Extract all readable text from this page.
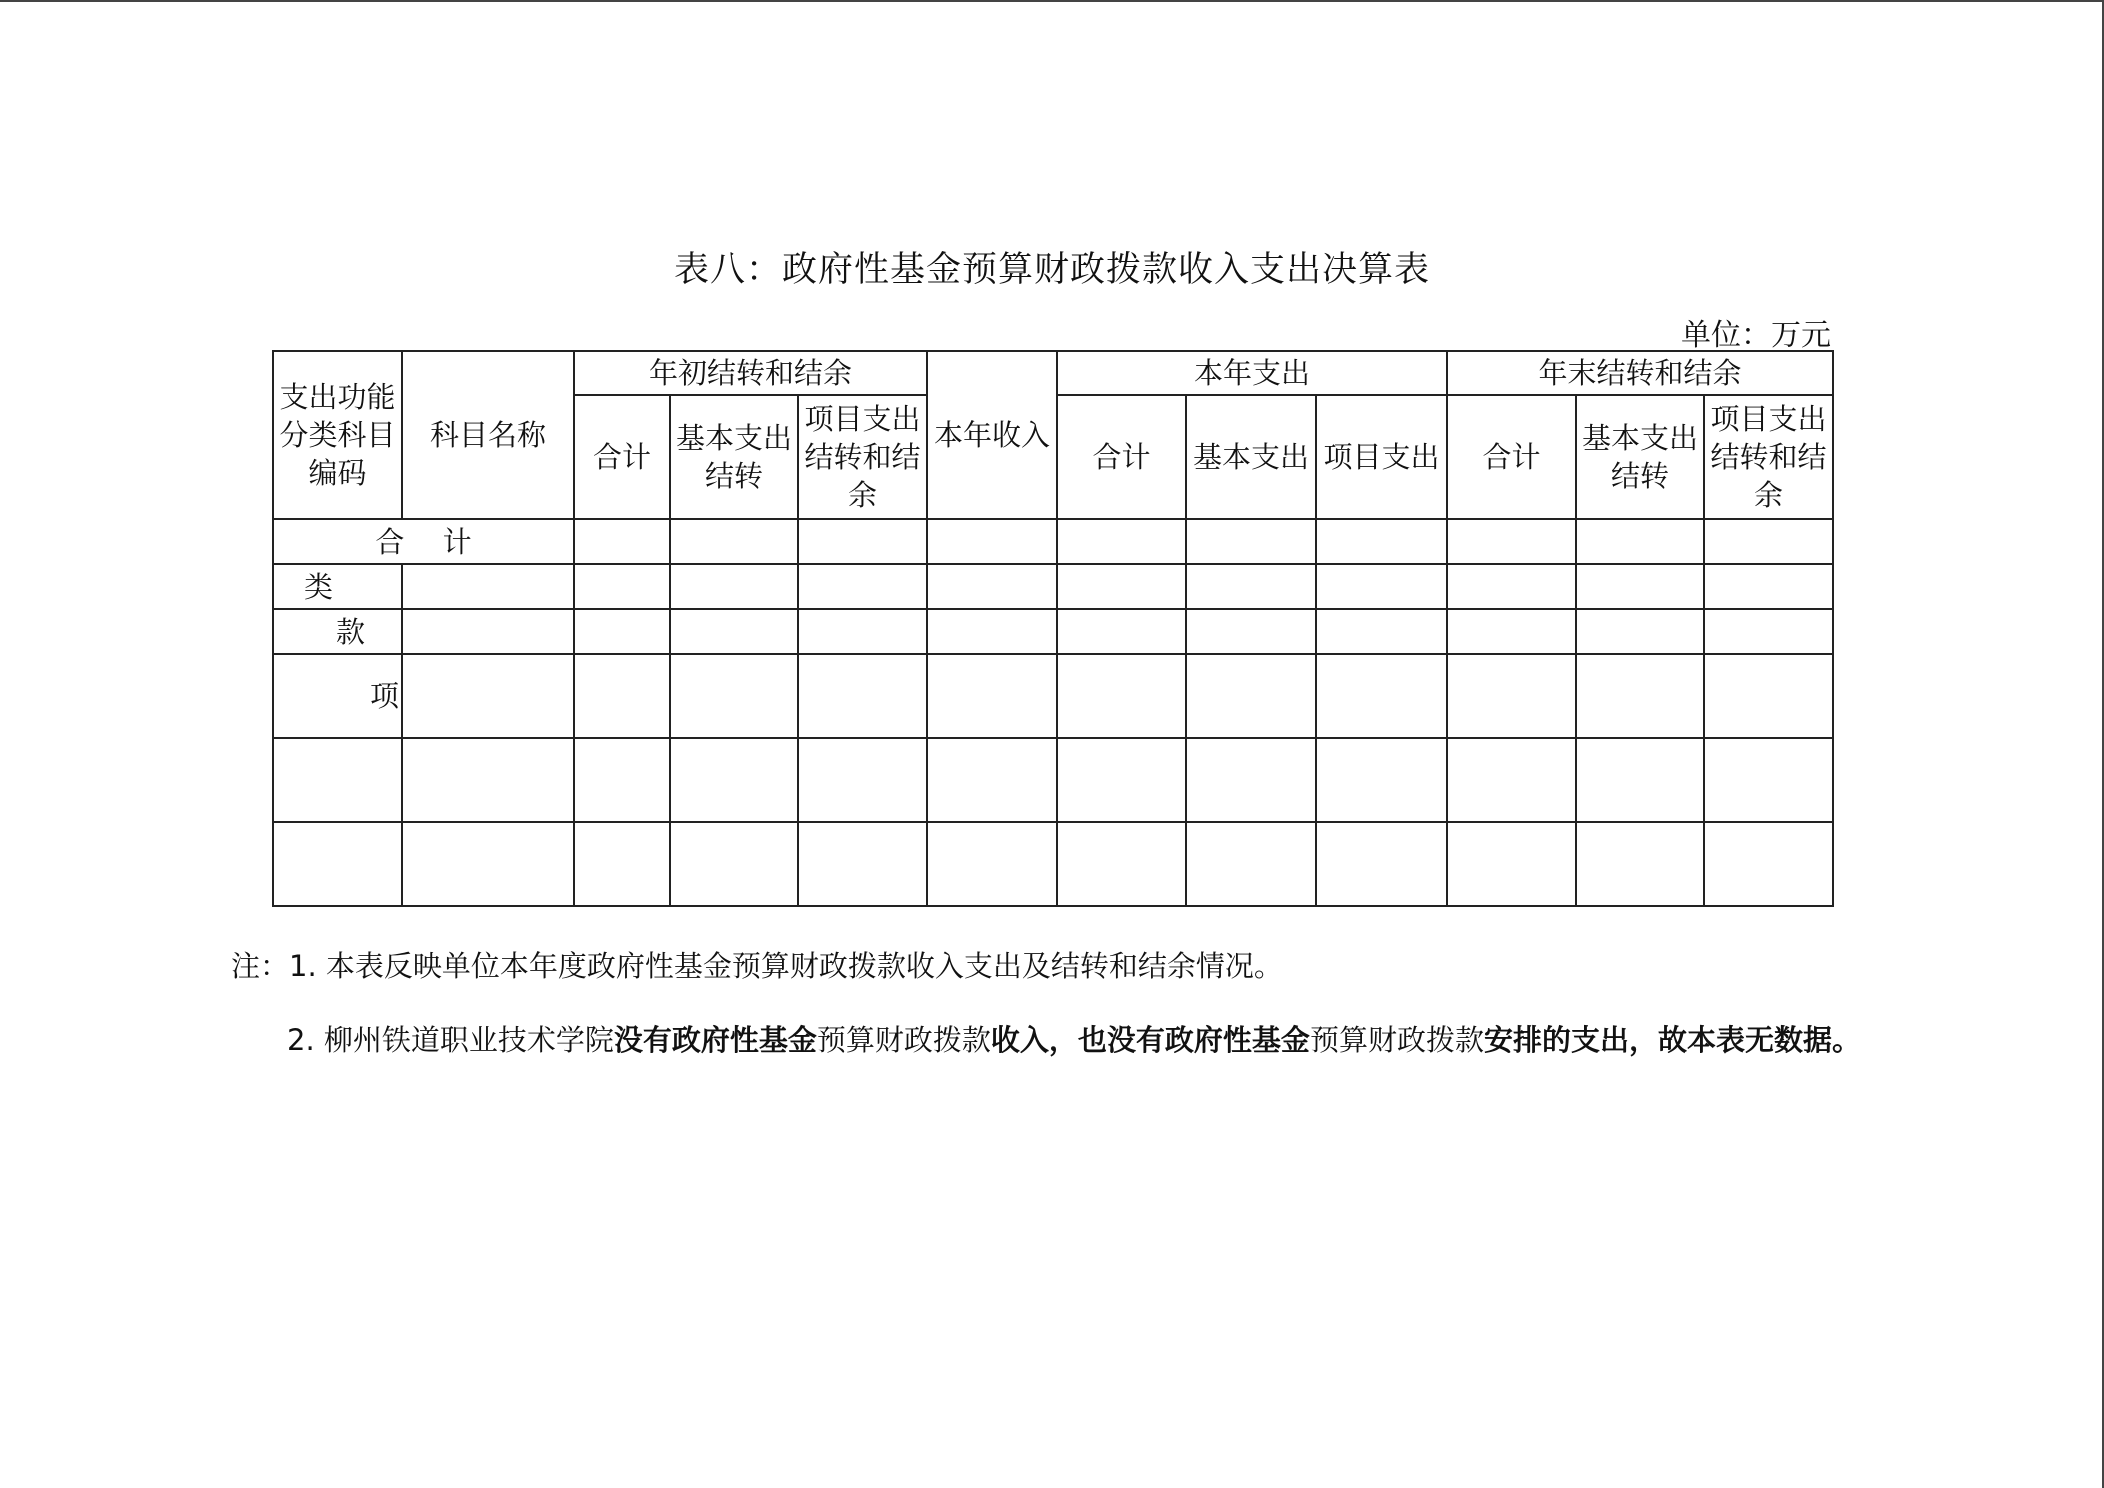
表八：政府性基金预算财政拨款收入支出决算表
单位：万元
支出功能分类科目编码	科目名称	年初结转和结余			本年收入	本年支出			年末结转和结余		
		合计	基本支出结转	项目支出结转和结余		合计	基本支出	项目支出	合计	基本支出结转	项目支出结转和结余
合　 计											
类											
款											
项											

注：1. 本表反映单位本年度政府性基金预算财政拨款收入支出及结转和结余情况。
2. 柳州铁道职业技术学院没有政府性基金预算财政拨款收入，也没有政府性基金预算财政拨款安排的支出，故本表无数据。
